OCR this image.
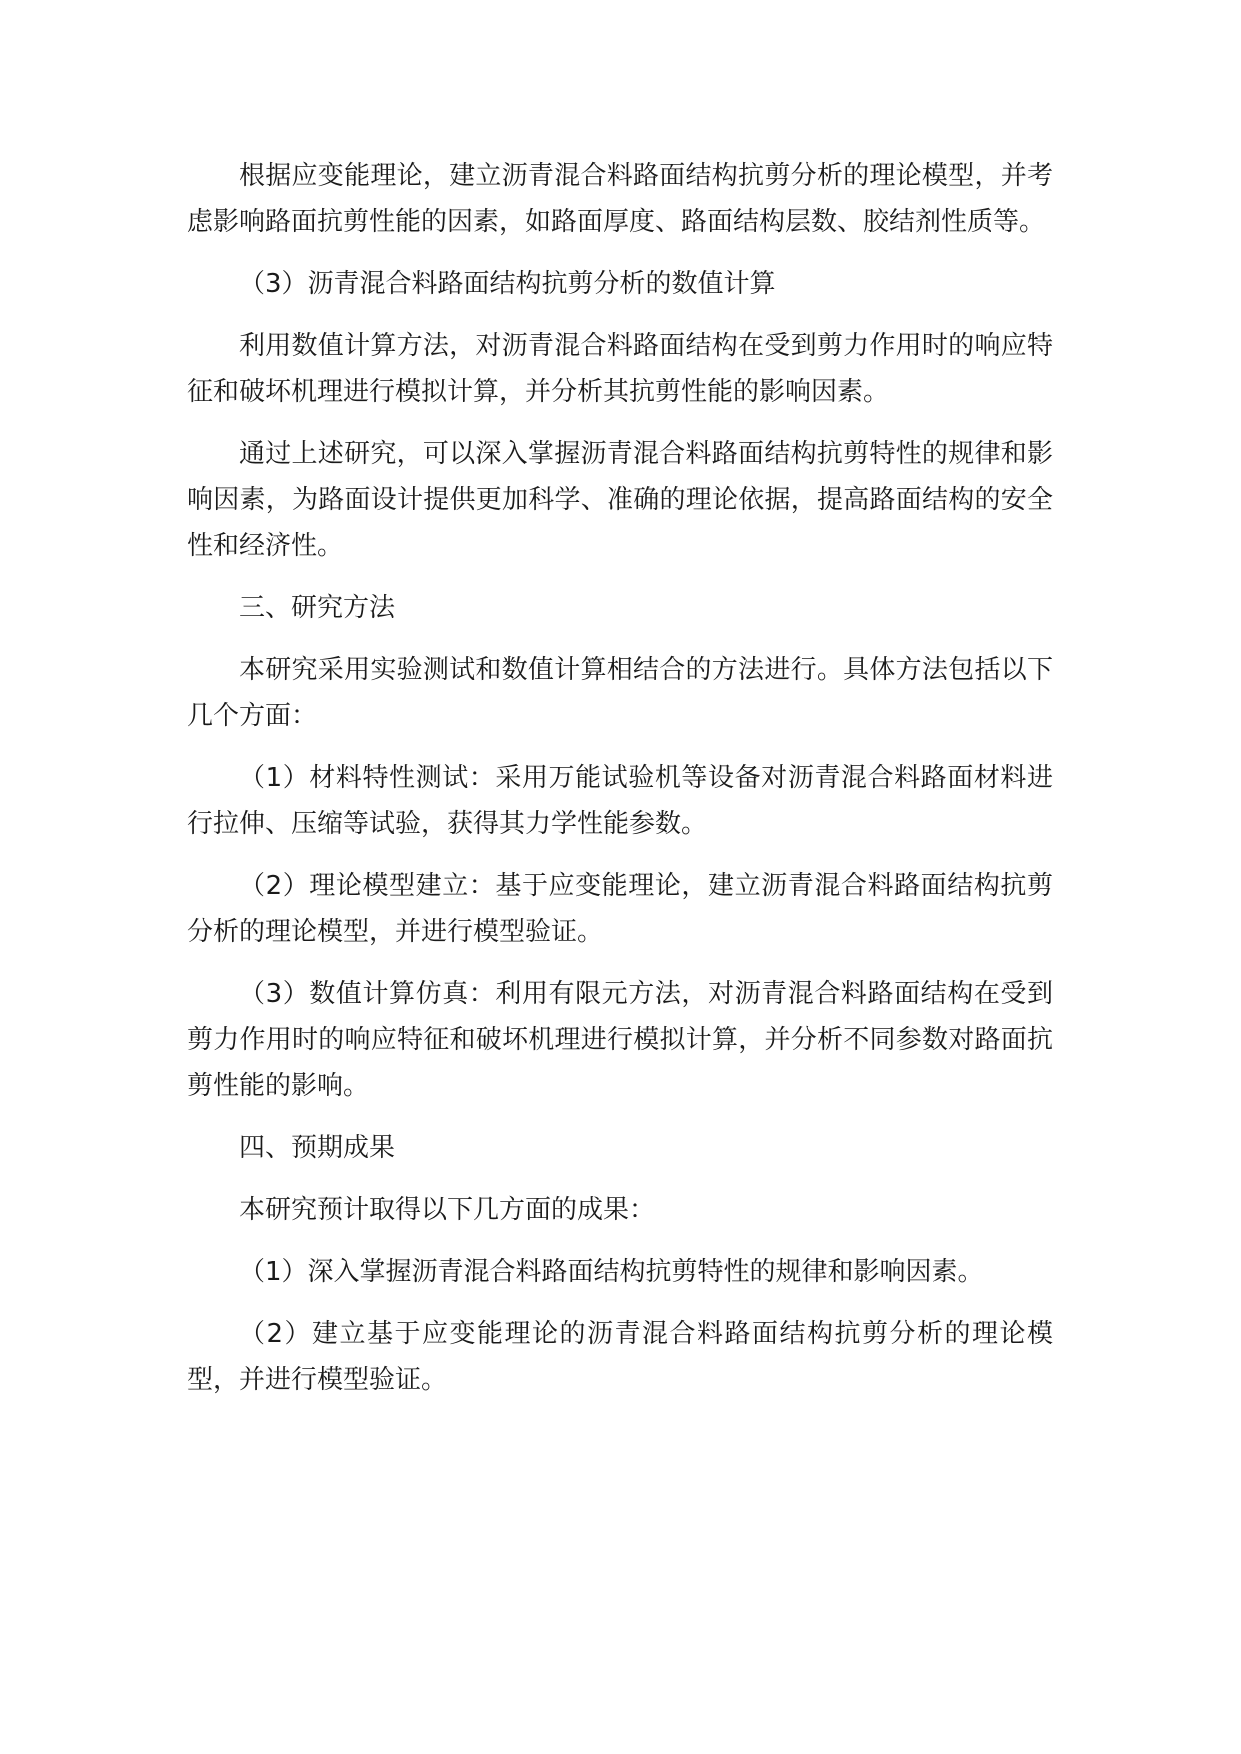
根据应变能理论，建立沥青混合料路面结构抗剪分析的理论模型，并考虑影响路面抗剪性能的因素，如路面厚度、路面结构层数、胶结剂性质等。

（3）沥青混合料路面结构抗剪分析的数值计算

利用数值计算方法，对沥青混合料路面结构在受到剪力作用时的响应特征和破坏机理进行模拟计算，并分析其抗剪性能的影响因素。

通过上述研究，可以深入掌握沥青混合料路面结构抗剪特性的规律和影响因素，为路面设计提供更加科学、准确的理论依据，提高路面结构的安全性和经济性。

三、研究方法

本研究采用实验测试和数值计算相结合的方法进行。具体方法包括以下几个方面：

（1）材料特性测试：采用万能试验机等设备对沥青混合料路面材料进行拉伸、压缩等试验，获得其力学性能参数。

（2）理论模型建立：基于应变能理论，建立沥青混合料路面结构抗剪分析的理论模型，并进行模型验证。

（3）数值计算仿真：利用有限元方法，对沥青混合料路面结构在受到剪力作用时的响应特征和破坏机理进行模拟计算，并分析不同参数对路面抗剪性能的影响。

四、预期成果

本研究预计取得以下几方面的成果：

（1）深入掌握沥青混合料路面结构抗剪特性的规律和影响因素。

（2）建立基于应变能理论的沥青混合料路面结构抗剪分析的理论模型，并进行模型验证。
